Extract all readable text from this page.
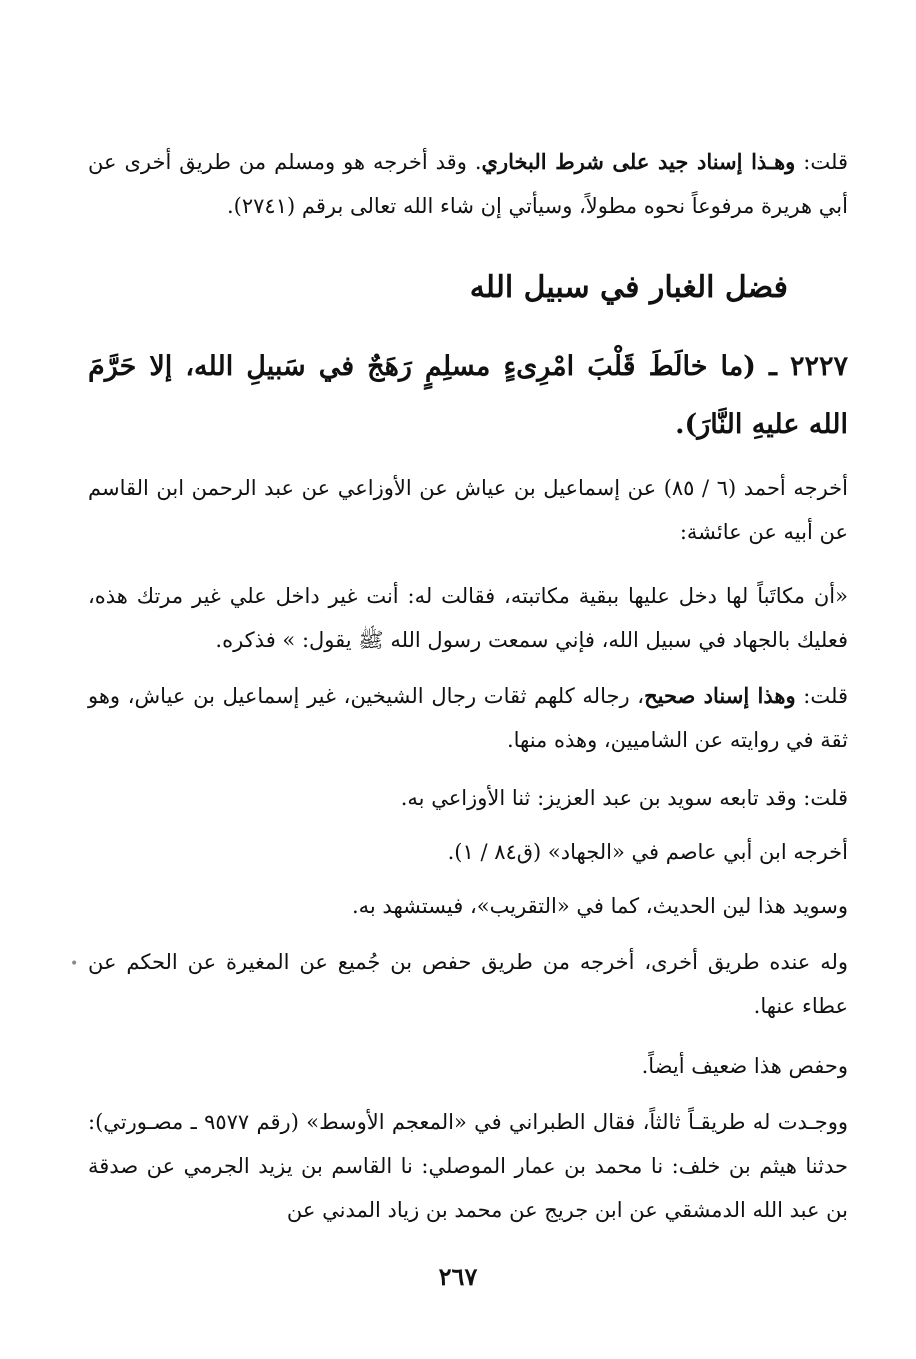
قلت: وهـذا إسناد جيد على شرط البخاري. وقد أخرجه هو ومسلم من طريق أخرى عن أبي هريرة مرفوعاً نحوه مطولاً، وسيأتي إن شاء الله تعالى برقم (٢٧٤١).
فضل الغبار في سبيل الله
٢٢٢٧ ـ (ما خالَطَ قَلْبَ امْرِىءٍ مسلِمٍ رَهَجٌ في سَبيلِ الله، إلا حَرَّمَ الله عليهِ النَّارَ).
أخرجه أحمد (٦ / ٨٥) عن إسماعيل بن عياش عن الأوزاعي عن عبد الرحمن ابن القاسم عن أبيه عن عائشة:
«أن مكاتَباً لها دخل عليها ببقية مكاتبته، فقالت له: أنت غير داخل علي غير مرتك هذه، فعليك بالجهاد في سبيل الله، فإني سمعت رسول الله ﷺ يقول: » فذكره.
قلت: وهذا إسناد صحيح، رجاله كلهم ثقات رجال الشيخين، غير إسماعيل بن عياش، وهو ثقة في روايته عن الشاميين، وهذه منها.
قلت: وقد تابعه سويد بن عبد العزيز: ثنا الأوزاعي به.
أخرجه ابن أبي عاصم في «الجهاد» (ق٨٤ / ١).
وسويد هذا لين الحديث، كما في «التقريب»، فيستشهد به.
وله عنده طريق أخرى، أخرجه من طريق حفص بن جُميع عن المغيرة عن الحكم عن عطاء عنها.
وحفص هذا ضعيف أيضاً.
ووجـدت له طريقـاً ثالثاً، فقال الطبراني في «المعجم الأوسط» (رقم ٩٥٧٧ ـ مصـورتي): حدثنا هيثم بن خلف: نا محمد بن عمار الموصلي: نا القاسم بن يزيد الجرمي عن صدقة بن عبد الله الدمشقي عن ابن جريج عن محمد بن زياد المدني عن
٢٦٧
•
